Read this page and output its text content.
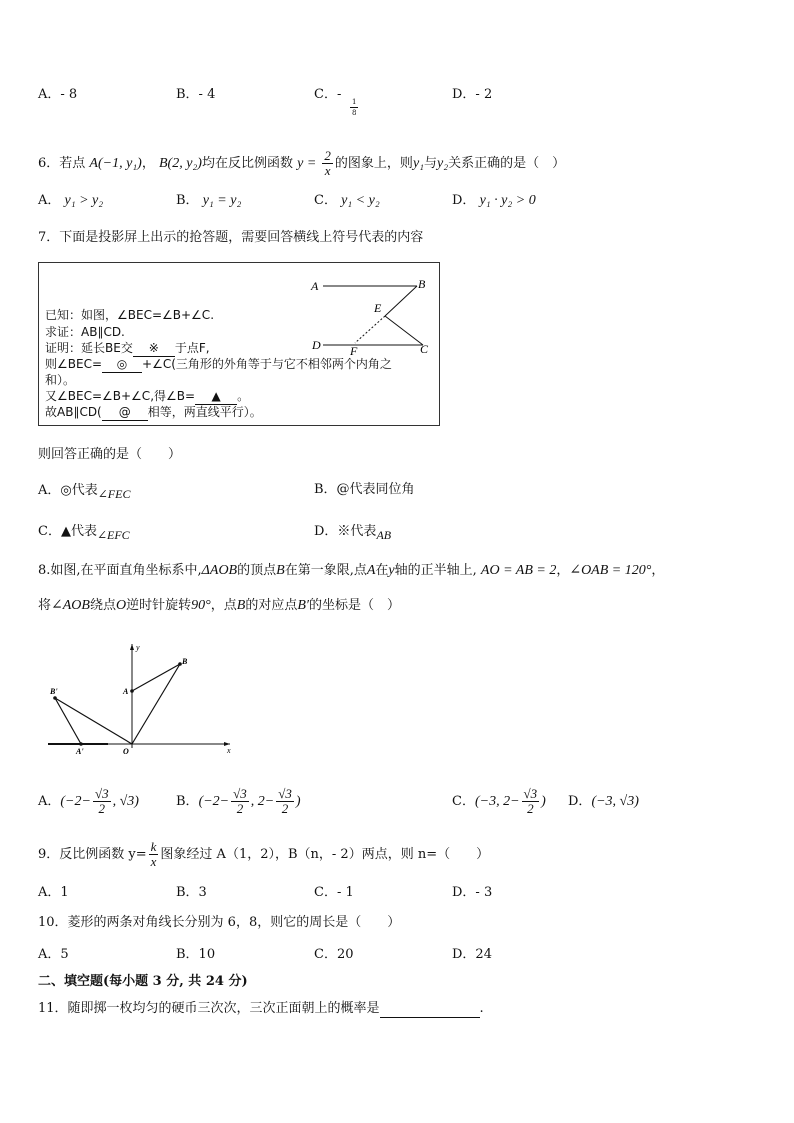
A．- 8	B．- 4	C．- 1
8
D．- 2
6．若点 A(−1, y₁)， B(2, y₂)均在反比例函数 $y = \frac{2}{x}$ 的图象上，则y₁与y₂关系正确的是（　）
A． y₁ > y₂	B． y₁ = y₂	C． y₁ < y₂	D． y₁ · y₂ > 0
7．下面是投影屏上出示的抢答题，需要回答横线上符号代表的内容
A	B
E
D F	C
已知：如图，∠BEC=∠B+∠C.
求证：AB∥CD.
证明：延长BE交 ※ 于点F,
则∠BEC= ◎ +∠C(三角形的外角等于与它不相邻两个内角之
和）。
又∠BEC=∠B+∠C,得∠B= ▲ 。
故AB∥CD( @ 相等，两直线平行）。
则回答正确的是（　　）
A．◎代表∠FEC	B．@代表同位角
C．▲代表∠EFC	D．※代表AB
8.如图,在平面直角坐标系中,ΔAOB的顶点B在第一象限,点A在y轴的正半轴上, AO = AB = 2，∠OAB = 120°，
将∠AOB绕点O逆时针旋转90°，点B的对应点B′的坐标是（　）
y
x
B
A
B'
A'	O
A．($-2- \frac{√3}{2}$ , √3)	B．($-2- \frac{√3}{2}$ , $2- \frac{√3}{2}$ )	C．(−3, $2- \frac{√3}{2}$ ) D．(−3, √3)
9．反比例函数 $y= \frac{k}{x}$ 图象经过 A（1，2），B（n，- 2）两点，则 n=（　　）
A．1	B．3	C．- 1	D．- 3
10．菱形的两条对角线长分别为 6，8，则它的周长是（　　）
A．5	B．10	C．20	D．24
二、填空题(每小题 3 分, 共 24 分)
11．随即掷一枚均匀的硬币三次次，三次正面朝上的概率是	.
